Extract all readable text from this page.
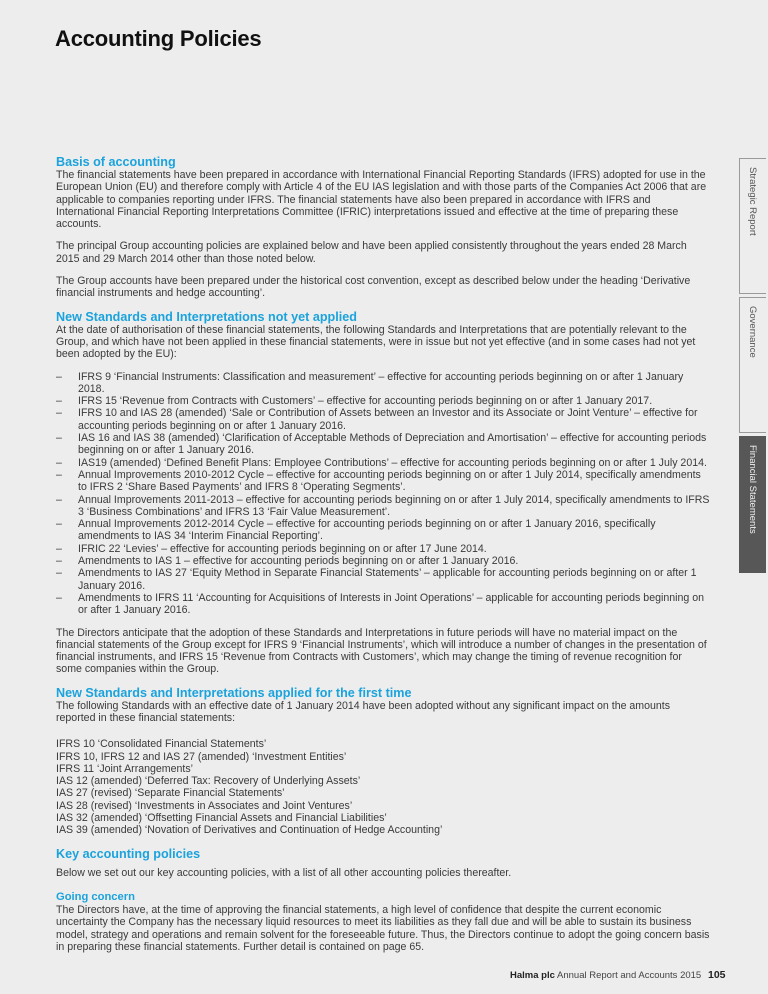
Accounting Policies
Strategic Report
Governance
Financial Statements
Basis of accounting

The financial statements have been prepared in accordance with International Financial Reporting Standards (IFRS) adopted for use in the European Union (EU) and therefore comply with Article 4 of the EU IAS legislation and with those parts of the Companies Act 2006 that are applicable to companies reporting under IFRS. The financial statements have also been prepared in accordance with IFRS and International Financial Reporting Interpretations Committee (IFRIC) interpretations issued and effective at the time of preparing these accounts.

The principal Group accounting policies are explained below and have been applied consistently throughout the years ended 28 March 2015 and 29 March 2014 other than those noted below.

The Group accounts have been prepared under the historical cost convention, except as described below under the heading ‘Derivative financial instruments and hedge accounting’.

New Standards and Interpretations not yet applied

At the date of authorisation of these financial statements, the following Standards and Interpretations that are potentially relevant to the Group, and which have not been applied in these financial statements, were in issue but not yet effective (and in some cases had not yet been adopted by the EU):

– IFRS 9 ‘Financial Instruments: Classification and measurement’ – effective for accounting periods beginning on or after 1 January 2018.
– IFRS 15 ‘Revenue from Contracts with Customers’ – effective for accounting periods beginning on or after 1 January 2017.
– IFRS 10 and IAS 28 (amended) ‘Sale or Contribution of Assets between an Investor and its Associate or Joint Venture’ – effective for accounting periods beginning on or after 1 January 2016.
– IAS 16 and IAS 38 (amended) ‘Clarification of Acceptable Methods of Depreciation and Amortisation’ – effective for accounting periods beginning on or after 1 January 2016.
– IAS19 (amended) ‘Defined Benefit Plans: Employee Contributions’ – effective for accounting periods beginning on or after 1 July 2014.
– Annual Improvements 2010-2012 Cycle – effective for accounting periods beginning on or after 1 July 2014, specifically amendments to IFRS 2 ‘Share Based Payments’ and IFRS 8 ‘Operating Segments’.
– Annual Improvements 2011-2013 – effective for accounting periods beginning on or after 1 July 2014, specifically amendments to IFRS 3 ‘Business Combinations’ and IFRS 13 ‘Fair Value Measurement’.
– Annual Improvements 2012-2014 Cycle – effective for accounting periods beginning on or after 1 January 2016, specifically amendments to IAS 34 ‘Interim Financial Reporting’.
– IFRIC 22 ‘Levies’ – effective for accounting periods beginning on or after 17 June 2014.
– Amendments to IAS 1 – effective for accounting periods beginning on or after 1 January 2016.
– Amendments to IAS 27 ‘Equity Method in Separate Financial Statements’ – applicable for accounting periods beginning on or after 1 January 2016.
– Amendments to IFRS 11 ‘Accounting for Acquisitions of Interests in Joint Operations’ – applicable for accounting periods beginning on or after 1 January 2016.

The Directors anticipate that the adoption of these Standards and Interpretations in future periods will have no material impact on the financial statements of the Group except for IFRS 9 ‘Financial Instruments’, which will introduce a number of changes in the presentation of financial instruments, and IFRS 15 ‘Revenue from Contracts with Customers’, which may change the timing of revenue recognition for some companies within the Group.

New Standards and Interpretations applied for the first time

The following Standards with an effective date of 1 January 2014 have been adopted without any significant impact on the amounts reported in these financial statements:

IFRS 10 ‘Consolidated Financial Statements’
IFRS 10, IFRS 12 and IAS 27 (amended) ‘Investment Entities’
IFRS 11 ‘Joint Arrangements’
IAS 12 (amended) ‘Deferred Tax: Recovery of Underlying Assets’
IAS 27 (revised) ‘Separate Financial Statements’
IAS 28 (revised) ‘Investments in Associates and Joint Ventures’
IAS 32 (amended) ‘Offsetting Financial Assets and Financial Liabilities’
IAS 39 (amended) ‘Novation of Derivatives and Continuation of Hedge Accounting’
Key accounting policies

Below we set out our key accounting policies, with a list of all other accounting policies thereafter.

Going concern

The Directors have, at the time of approving the financial statements, a high level of confidence that despite the current economic uncertainty the Company has the necessary liquid resources to meet its liabilities as they fall due and will be able to sustain its business model, strategy and operations and remain solvent for the foreseeable future. Thus, the Directors continue to adopt the going concern basis in preparing these financial statements. Further detail is contained on page 65.

Halma plc Annual Report and Accounts 2015 105
